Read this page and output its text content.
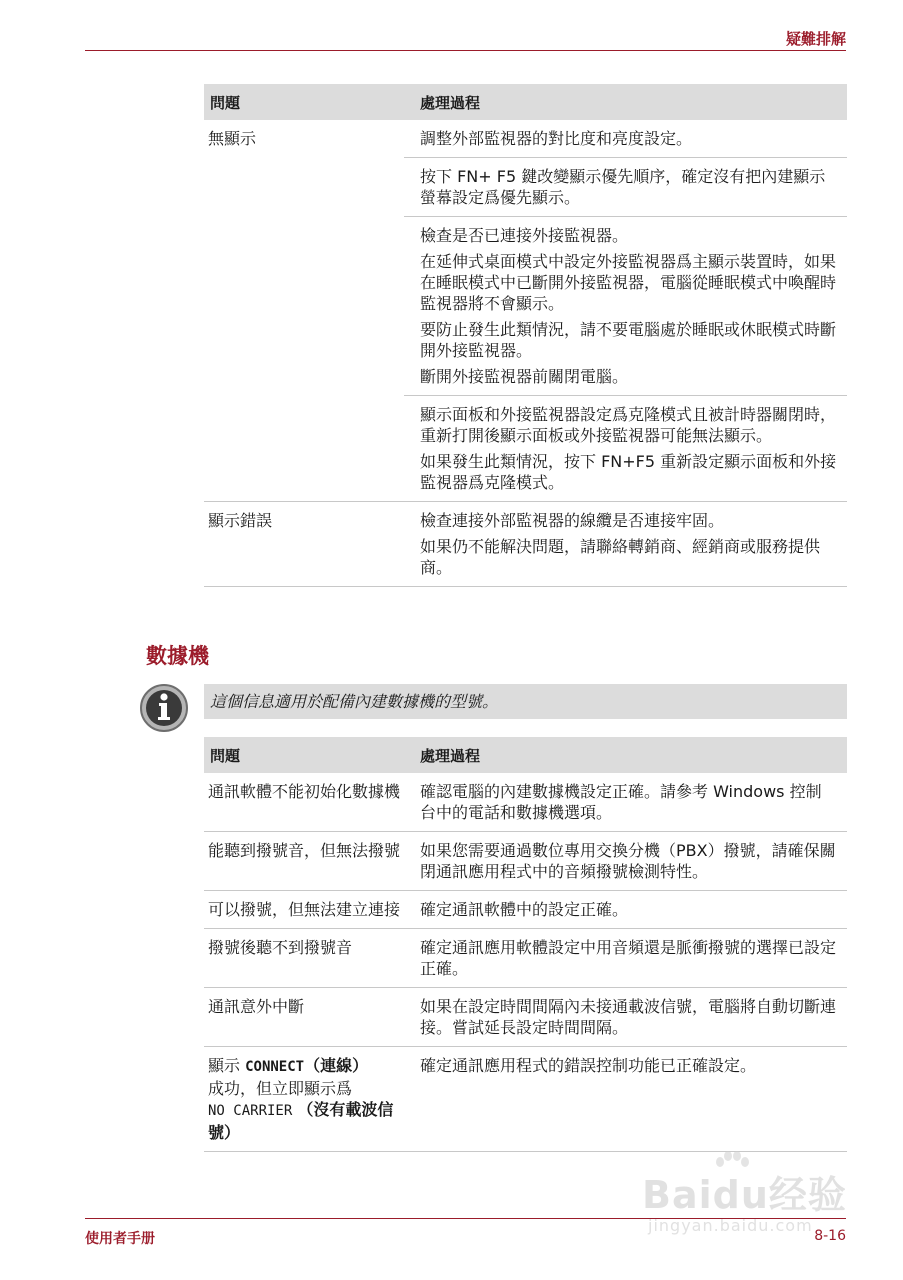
疑難排解
問題	處理過程
無顯示	調整外部監視器的對比度和亮度設定。

	按下 FN+ F5 鍵改變顯示優先順序，確定沒有把內建顯示螢幕設定爲優先顯示。

	檢查是否已連接外接監視器。

在延伸式桌面模式中設定外接監視器爲主顯示裝置時，如果在睡眠模式中已斷開外接監視器，電腦從睡眠模式中喚醒時監視器將不會顯示。

要防止發生此類情況，請不要電腦處於睡眠或休眠模式時斷開外接監視器。

斷開外接監視器前關閉電腦。

	顯示面板和外接監視器設定爲克隆模式且被計時器關閉時，重新打開後顯示面板或外接監視器可能無法顯示。

如果發生此類情況，按下 FN+F5 重新設定顯示面板和外接監視器爲克隆模式。

顯示錯誤	檢查連接外部監視器的線纜是否連接牢固。

如果仍不能解決問題，請聯絡轉銷商、經銷商或服務提供商。

數據機
這個信息適用於配備內建數據機的型號。
問題	處理過程
通訊軟體不能初始化數據機	確認電腦的內建數據機設定正確。請參考 Windows 控制台中的電話和數據機選項。
能聽到撥號音，但無法撥號	如果您需要通過數位專用交換分機（PBX）撥號，請確保關閉通訊應用程式中的音頻撥號檢測特性。
可以撥號，但無法建立連接	確定通訊軟體中的設定正確。
撥號後聽不到撥號音	確定通訊應用軟體設定中用音頻還是脈衝撥號的選擇已設定正確。
通訊意外中斷	如果在設定時間間隔內未接通載波信號，電腦將自動切斷連接。嘗試延長設定時間間隔。
顯示 CONNECT（連線）
成功，但立即顯示爲
NO CARRIER （沒有載波信號）	確定通訊應用程式的錯誤控制功能已正確設定。
使用者手册	8-16
Baidu经验
jingyan.baidu.com
